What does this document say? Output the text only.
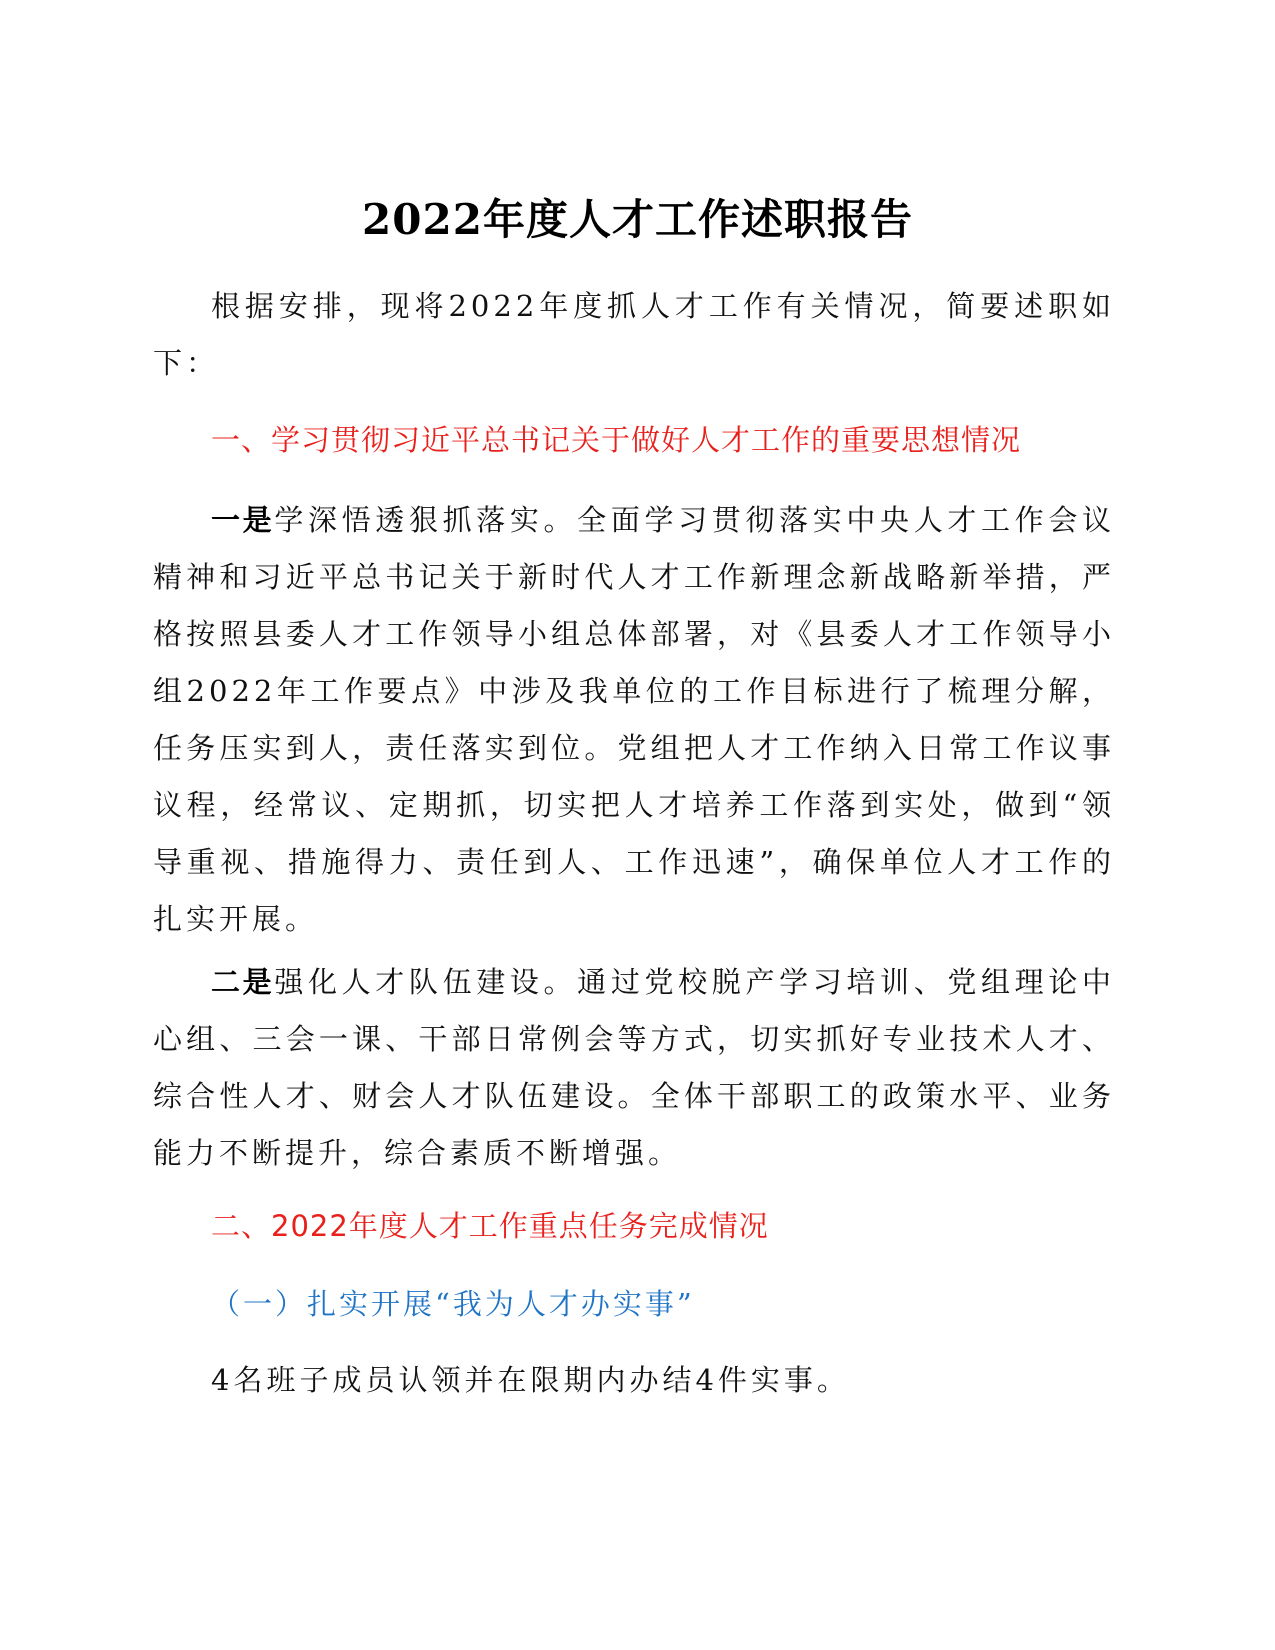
2022年度人才工作述职报告
根据安排，现将2022年度抓人才工作有关情况，简要述职如下：
一、学习贯彻习近平总书记关于做好人才工作的重要思想情况
一是学深悟透狠抓落实。全面学习贯彻落实中央人才工作会议精神和习近平总书记关于新时代人才工作新理念新战略新举措，严格按照县委人才工作领导小组总体部署，对《县委人才工作领导小组2022年工作要点》中涉及我单位的工作目标进行了梳理分解，任务压实到人，责任落实到位。党组把人才工作纳入日常工作议事议程，经常议、定期抓，切实把人才培养工作落到实处，做到“领导重视、措施得力、责任到人、工作迅速”，确保单位人才工作的扎实开展。
二是强化人才队伍建设。通过党校脱产学习培训、党组理论中心组、三会一课、干部日常例会等方式，切实抓好专业技术人才、综合性人才、财会人才队伍建设。全体干部职工的政策水平、业务能力不断提升，综合素质不断增强。
二、2022年度人才工作重点任务完成情况
（一）扎实开展“我为人才办实事”
4名班子成员认领并在限期内办结4件实事。
